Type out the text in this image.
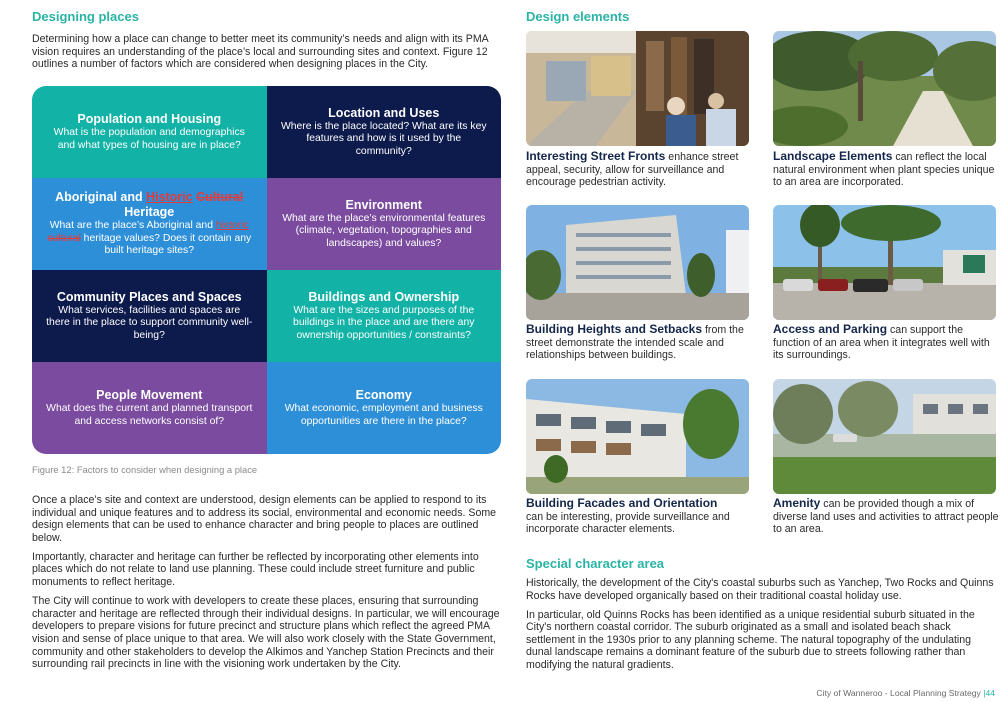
Designing places

Determining how a place can change to better meet its community’s needs and align with its PMA vision requires an understanding of the place’s local and surrounding sites and context. Figure 12 outlines a number of factors which are considered when designing places in the City.

Population and Housing
What is the population and demographics and what types of housing are in place?
Location and Uses
Where is the place located? What are its key features and how is it used by the community?
Aboriginal and Historic Cultural
Heritage
What are the place’s Aboriginal and historic cultural heritage values? Does it contain any built heritage sites?
Environment
What are the place’s environmental features (climate, vegetation, topographies and landscapes) and values?
Community Places and Spaces
What services, facilities and spaces are there in the place to support community well-being?
Buildings and Ownership
What are the sizes and purposes of the buildings in the place and are there any ownership opportunities / constraints?
People Movement
What does the current and planned transport and access networks consist of?
Economy
What economic, employment and business opportunities are there in the place?
Figure 12: Factors to consider when designing a place

Once a place’s site and context are understood, design elements can be applied to respond to its individual and unique features and to address its social, environmental and economic needs. Some design elements that can be used to enhance character and bring people to places are outlined below.

Importantly, character and heritage can further be reflected by incorporating other elements into places which do not relate to land use planning. These could include street furniture and public monuments to reflect heritage.

The City will continue to work with developers to create these places, ensuring that surrounding character and heritage are reflected through their individual designs. In particular, we will encourage developers to prepare visions for future precinct and structure plans which reflect the agreed PMA vision and sense of place unique to that area. We will also work closely with the State Government, community and other stakeholders to develop the Alkimos and Yanchep Station Precincts and their surrounding rail precincts in line with the visioning work undertaken by the City.

Design elements
Interesting Street Fronts enhance street appeal, security, allow for surveillance and encourage pedestrian activity.
Landscape Elements can reflect the local natural environment when plant species unique to an area are incorporated.
Building Heights and Setbacks from the street demonstrate the intended scale and relationships between buildings.
Access and Parking can support the function of an area when it integrates well with its surroundings.
Building Facades and Orientation
can be interesting, provide surveillance and incorporate character elements.
Amenity can be provided though a mix of diverse land uses and activities to attract people to an area.
Special character area

Historically, the development of the City's coastal suburbs such as Yanchep, Two Rocks and Quinns Rocks have developed organically based on their traditional coastal holiday use.

In particular, old Quinns Rocks has been identified as a unique residential suburb situated in the City's northern coastal corridor. The suburb originated as a small and isolated beach shack settlement in the 1930s prior to any planning scheme. The natural topography of the undulating dunal landscape remains a dominant feature of the suburb due to streets following rather than modifying the natural gradients.

City of Wanneroo - Local Planning Strategy |44
